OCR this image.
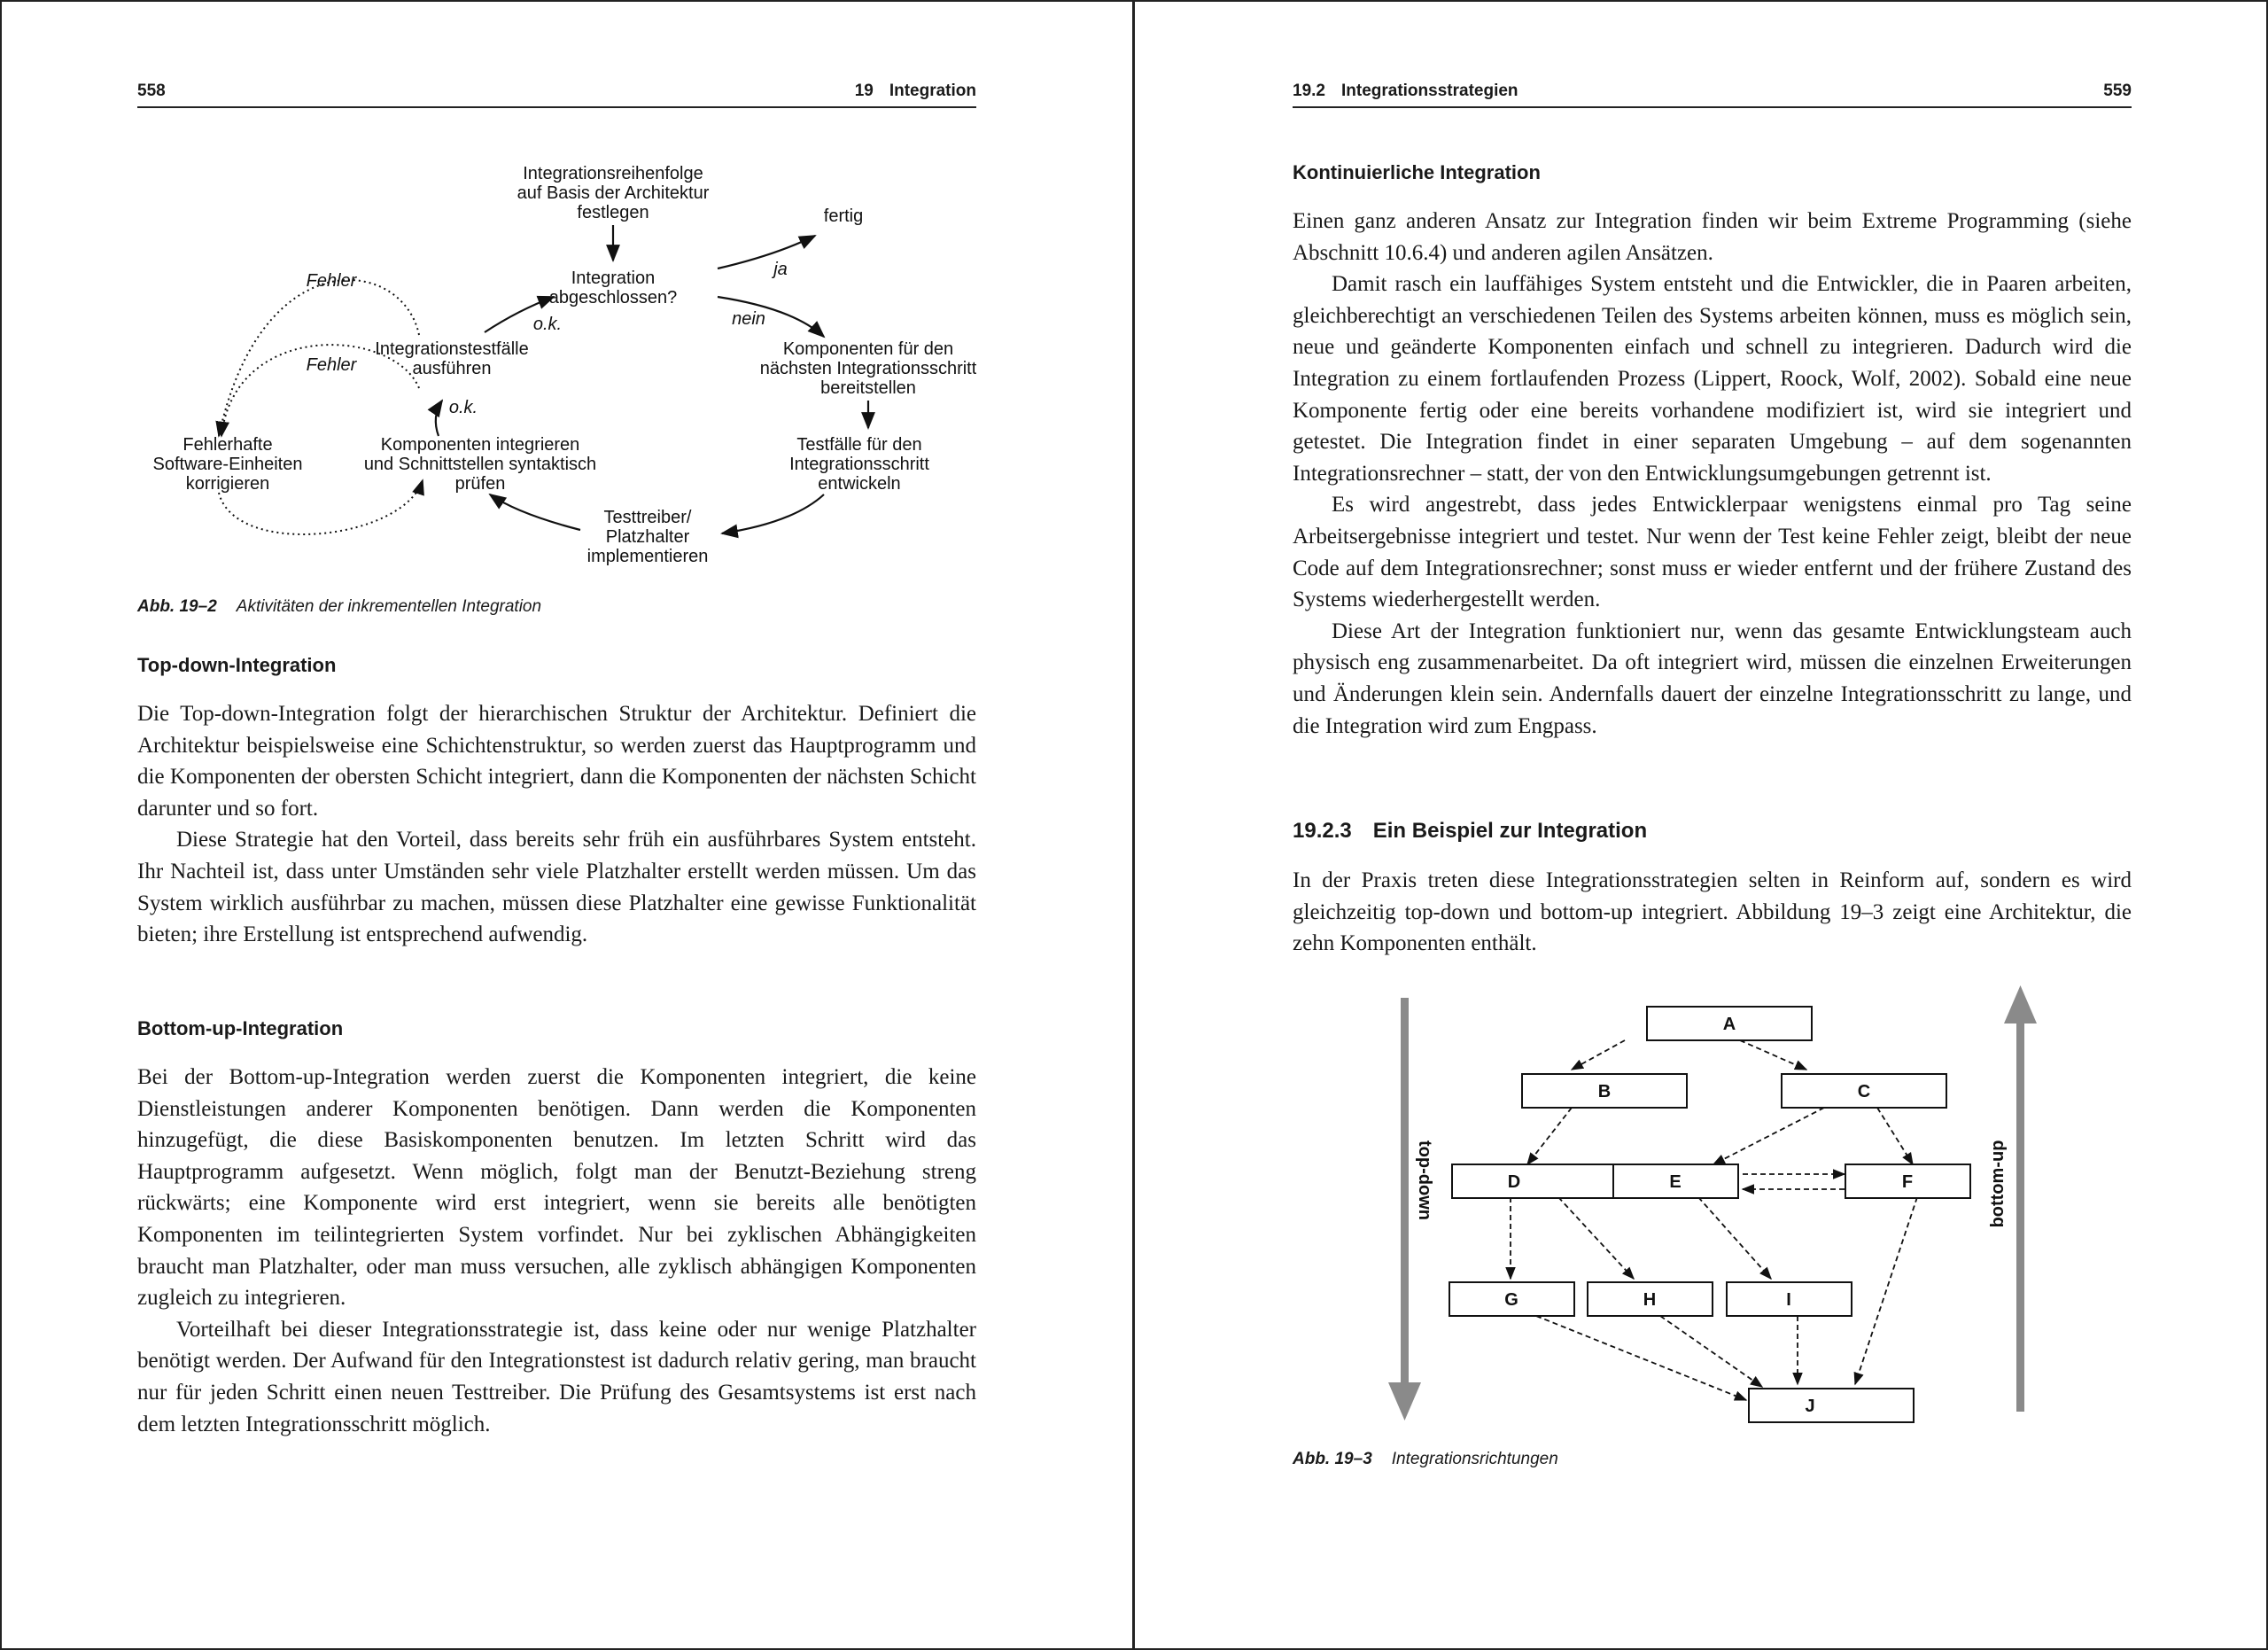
558	19 Integration
Integrationsreihenfolge
auf Basis der Architektur
festlegen
Integration
abgeschlossen?
fertig
Komponenten für den
nächsten Integrationsschritt
bereitstellen
Testfälle für den
Integrationsschritt
entwickeln
Testtreiber/
Platzhalter
implementieren
Komponenten integrieren
und Schnittstellen syntaktisch
prüfen
Integrationstestfälle
ausführen
Fehlerhafte
Software-Einheiten
korrigieren
ja
nein
o.k.
o.k.
Fehler
Fehler
Abb. 19–2 Aktivitäten der inkrementellen Integration
Top-down-Integration

Die Top-down-Integration folgt der hierarchischen Struktur der Architektur. Definiert die Architektur beispielsweise eine Schichtenstruktur, so werden zuerst das Hauptprogramm und die Komponenten der obersten Schicht integriert, dann die Komponenten der nächsten Schicht darunter und so fort.

Diese Strategie hat den Vorteil, dass bereits sehr früh ein ausführbares System entsteht. Ihr Nachteil ist, dass unter Umständen sehr viele Platzhalter erstellt werden müssen. Um das System wirklich ausführbar zu machen, müssen diese Platzhalter eine gewisse Funktionalität bieten; ihre Erstellung ist entsprechend aufwendig.

Bottom-up-Integration

Bei der Bottom-up-Integration werden zuerst die Komponenten integriert, die keine Dienstleistungen anderer Komponenten benötigen. Dann werden die Komponenten hinzugefügt, die diese Basiskomponenten benutzen. Im letzten Schritt wird das Hauptprogramm aufgesetzt. Wenn möglich, folgt man der Benutzt-Beziehung streng rückwärts; eine Komponente wird erst integriert, wenn sie bereits alle benötigten Komponenten im teilintegrierten System vorfindet. Nur bei zyklischen Abhängigkeiten braucht man Platzhalter, oder man muss versuchen, alle zyklisch abhängigen Komponenten zugleich zu integrieren.

Vorteilhaft bei dieser Integrationsstrategie ist, dass keine oder nur wenige Platzhalter benötigt werden. Der Aufwand für den Integrationstest ist dadurch relativ gering, man braucht nur für jeden Schritt einen neuen Testtreiber. Die Prüfung des Gesamtsystems ist erst nach dem letzten Integrationsschritt möglich.

19.2 Integrationsstrategien	559
Kontinuierliche Integration

Einen ganz anderen Ansatz zur Integration finden wir beim Extreme Programming (siehe Abschnitt 10.6.4) und anderen agilen Ansätzen.

Damit rasch ein lauffähiges System entsteht und die Entwickler, die in Paaren arbeiten, gleichberechtigt an verschiedenen Teilen des Systems arbeiten können, muss es möglich sein, neue und geänderte Komponenten einfach und schnell zu integrieren. Dadurch wird die Integration zu einem fortlaufenden Prozess (Lippert, Roock, Wolf, 2002). Sobald eine neue Komponente fertig oder eine bereits vorhandene modifiziert ist, wird sie integriert und getestet. Die Integration findet in einer separaten Umgebung – auf dem sogenannten Integrationsrechner – statt, der von den Entwicklungsumgebungen getrennt ist.

Es wird angestrebt, dass jedes Entwicklerpaar wenigstens einmal pro Tag seine Arbeitsergebnisse integriert und testet. Nur wenn der Test keine Fehler zeigt, bleibt der neue Code auf dem Integrationsrechner; sonst muss er wieder entfernt und der frühere Zustand des Systems wiederhergestellt werden.

Diese Art der Integration funktioniert nur, wenn das gesamte Entwicklungsteam auch physisch eng zusammenarbeitet. Da oft integriert wird, müssen die einzelnen Erweiterungen und Änderungen klein sein. Andernfalls dauert der einzelne Integrationsschritt zu lange, und die Integration wird zum Engpass.

19.2.3 Ein Beispiel zur Integration

In der Praxis treten diese Integrationsstrategien selten in Reinform auf, sondern es wird gleichzeitig top-down und bottom-up integriert. Abbildung 19–3 zeigt eine Architektur, die zehn Komponenten enthält.

top-down	bottom-up
A
B	C
D	E	F
G	H	I
J
Abb. 19–3 Integrationsrichtungen
